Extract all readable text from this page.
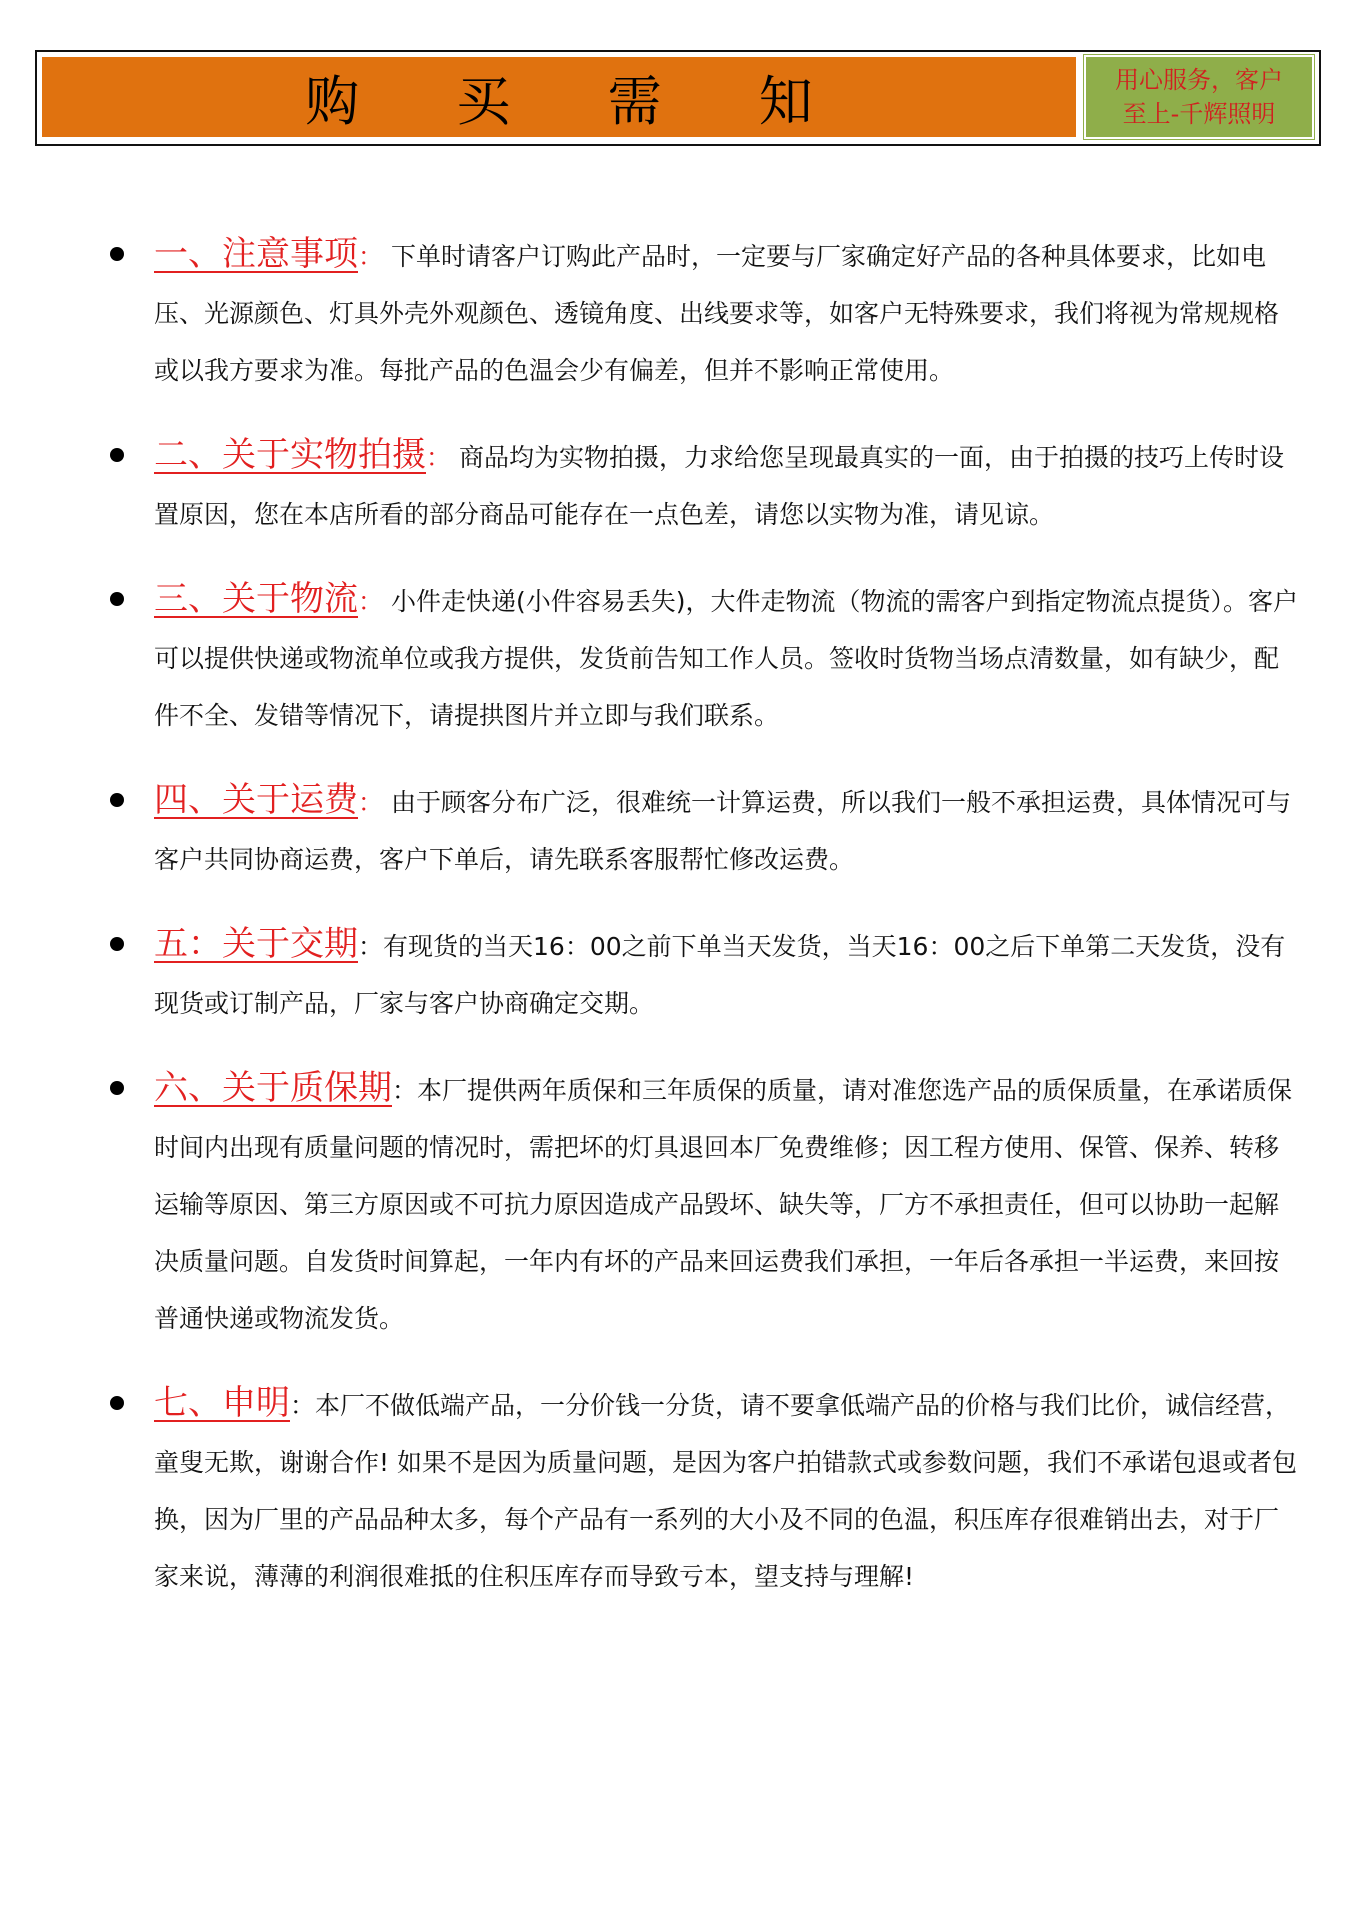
购 买 需 知	用心服务，客户
至上-千辉照明
一、注意事项： 下单时请客户订购此产品时，一定要与厂家确定好产品的各种具体要求，比如电压、光源颜色、灯具外壳外观颜色、透镜角度、出线要求等，如客户无特殊要求，我们将视为常规规格或以我方要求为准。每批产品的色温会少有偏差，但并不影响正常使用。
二、关于实物拍摄： 商品均为实物拍摄，力求给您呈现最真实的一面，由于拍摄的技巧上传时设置原因，您在本店所看的部分商品可能存在一点色差，请您以实物为准，请见谅。
三、关于物流： 小件走快递(小件容易丢失)，大件走物流（物流的需客户到指定物流点提货）。客户可以提供快递或物流单位或我方提供，发货前告知工作人员。签收时货物当场点清数量，如有缺少，配件不全、发错等情况下，请提拱图片并立即与我们联系。
四、关于运费： 由于顾客分布广泛，很难统一计算运费，所以我们一般不承担运费，具体情况可与客户共同协商运费，客户下单后，请先联系客服帮忙修改运费。
五：关于交期：有现货的当天16：00之前下单当天发货，当天16：00之后下单第二天发货，没有现货或订制产品，厂家与客户协商确定交期。
六、关于质保期：本厂提供两年质保和三年质保的质量，请对准您选产品的质保质量，在承诺质保时间内出现有质量问题的情况时，需把坏的灯具退回本厂免费维修；因工程方使用、保管、保养、转移运输等原因、第三方原因或不可抗力原因造成产品毁坏、缺失等，厂方不承担责任，但可以协助一起解决质量问题。自发货时间算起，一年内有坏的产品来回运费我们承担，一年后各承担一半运费，来回按普通快递或物流发货。
七、申明：本厂不做低端产品，一分价钱一分货，请不要拿低端产品的价格与我们比价，诚信经营，童叟无欺，谢谢合作! 如果不是因为质量问题，是因为客户拍错款式或参数问题，我们不承诺包退或者包换，因为厂里的产品品种太多，每个产品有一系列的大小及不同的色温，积压库存很难销出去，对于厂家来说，薄薄的利润很难抵的住积压库存而导致亏本，望支持与理解!
